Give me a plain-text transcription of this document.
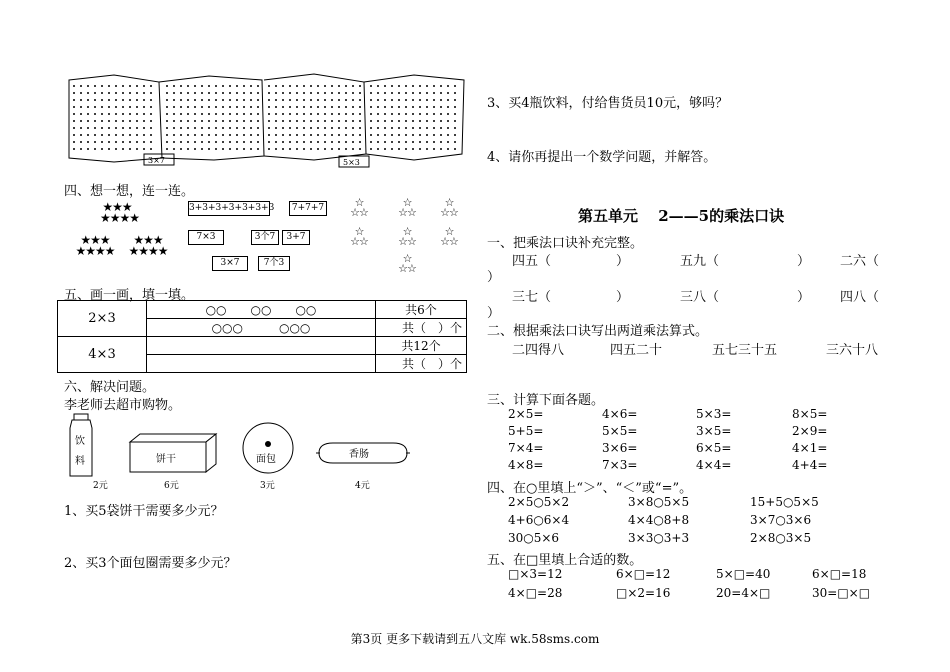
3×7	5×3
四、想一想，连一连。
★★★
★★★★
★★★
★★★★
★★★
★★★★
3+3+3+3+3+3+3	7+7+7
7×3	3个7	3+7
3×7	7个3
☆
☆☆
☆
☆☆
☆
☆☆
☆
☆☆
☆
☆☆
☆
☆☆
☆
☆☆
五、画一画，填一填。
2×3	○○　　○○　　○○	共6个
	○○○　　　○○○	共（　）个
4×3		共12个
		共（　）个
六、解决问题。
李老师去超市购物。
饮
料
2元
饼干
6元
面包
3元
香肠
4元
1、买5袋饼干需要多少元？
2、买3个面包圈需要多少元？
3、买4瓶饮料，付给售货员10元，够吗？
4、请你再提出一个数学问题，并解答。
第五单元　 2——5的乘法口诀
一、把乘法口诀补充完整。
四五（　　　　　）	五九（　　　　　　） 二六（
）
三七（　　　　　）	三八（　　　　　　） 四八（
）
二、根据乘法口诀写出两道乘法算式。
二四得八	四五二十	五七三十五	三六十八
三、计算下面各题。
2×5=	4×6=	5×3=	8×5=
5+5=	5×5=	3×5=	2×9=
7×4=	3×6=	6×5=	4×1=
4×8=	7×3=	4×4=	4+4=
四、在○里填上“＞”、“＜”或“=”。
2×5○5×2	3×8○5×5	15+5○5×5
4+6○6×4	4×4○8+8	3×7○3×6
30○5×6	3×3○3+3	2×8○3×5
五、在□里填上合适的数。
□×3=12	6×□=12	5×□=40	6×□=18
4×□=28	□×2=16	20=4×□	30=□×□
第3页 更多下载请到五八文库 wk.58sms.com
